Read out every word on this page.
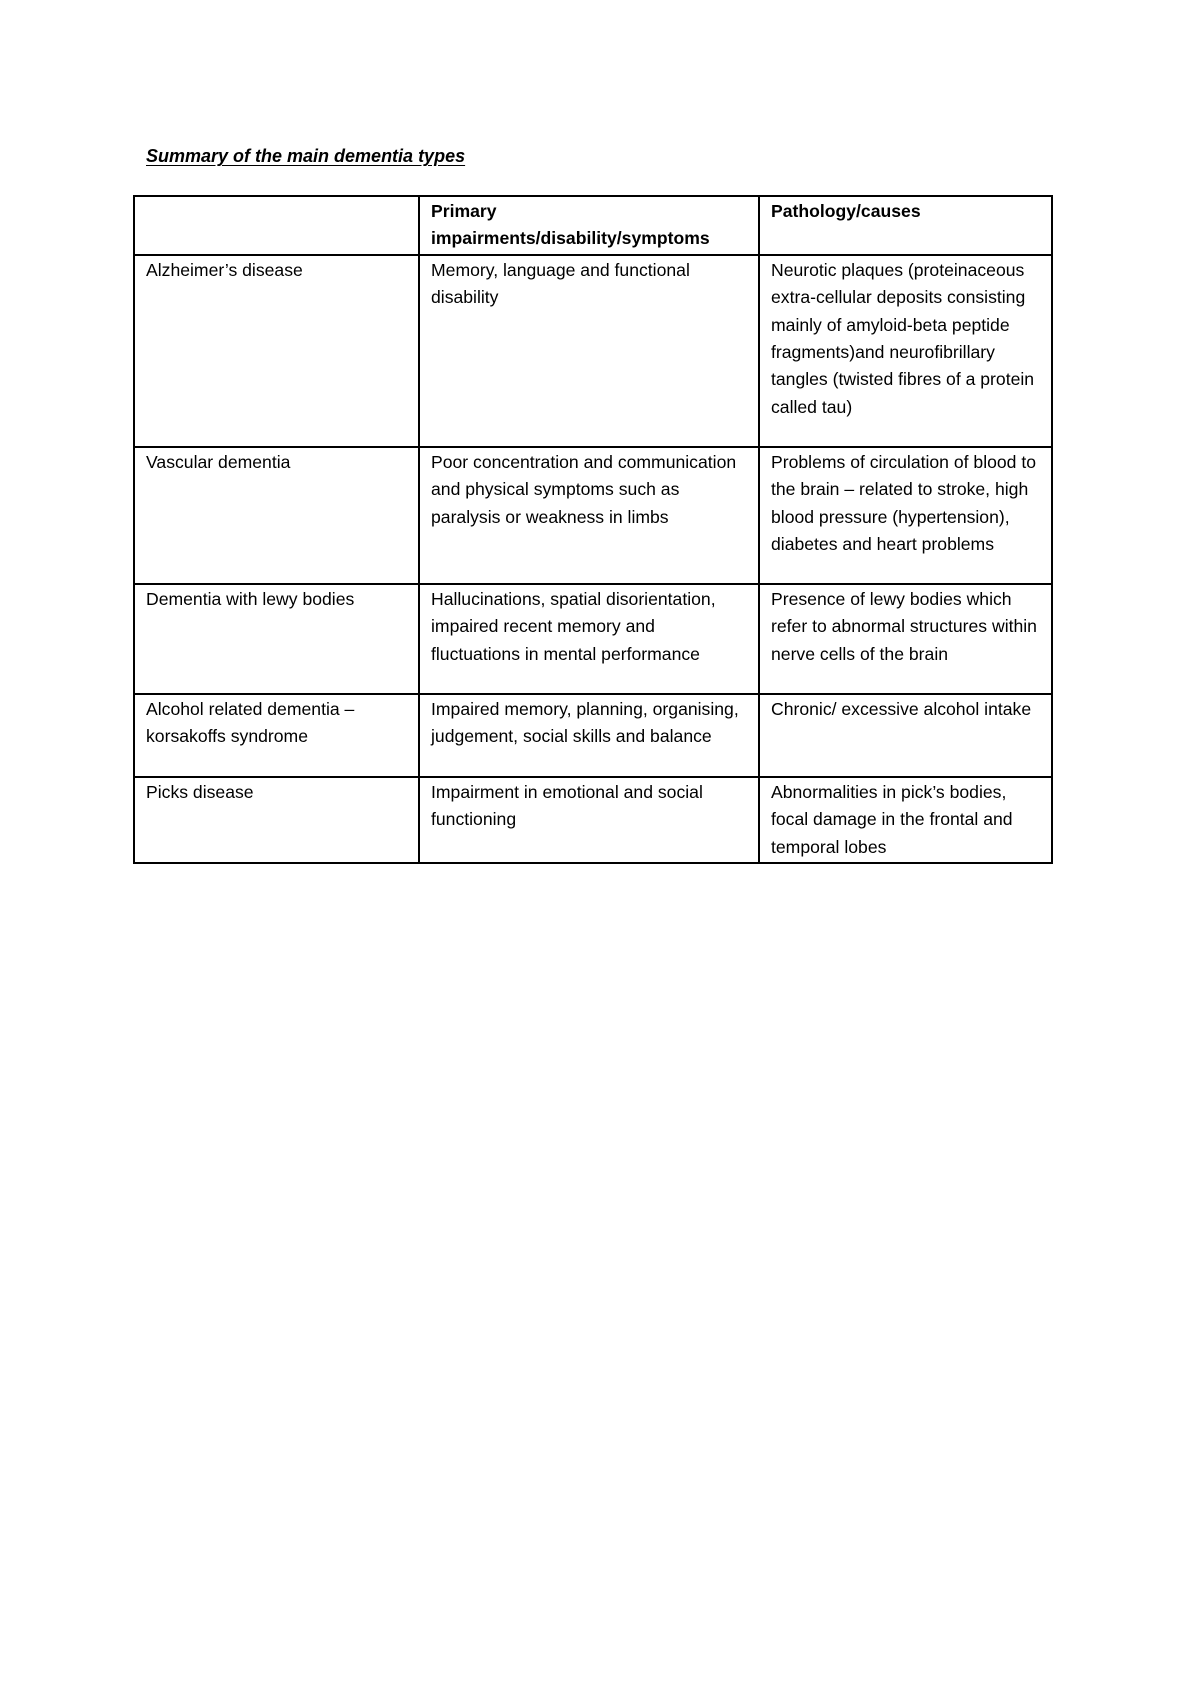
Summary of the main dementia types
	Primary impairments/disability/symptoms	Pathology/causes
Alzheimer’s disease	Memory, language and functional disability	Neurotic plaques (proteinaceous extra-cellular deposits consisting mainly of amyloid-beta peptide fragments)and neurofibrillary tangles (twisted fibres of a protein called tau)
Vascular dementia	Poor concentration and communication and physical symptoms such as paralysis or weakness in limbs	Problems of circulation of blood to the brain – related to stroke, high blood pressure (hypertension), diabetes and heart problems
Dementia with lewy bodies	Hallucinations, spatial disorientation, impaired recent memory and fluctuations in mental performance	Presence of lewy bodies which refer to abnormal structures within nerve cells of the brain
Alcohol related dementia – korsakoffs syndrome	Impaired memory, planning, organising, judgement, social skills and balance	Chronic/ excessive alcohol intake
Picks disease	Impairment in emotional and social functioning	Abnormalities in pick’s bodies, focal damage in the frontal and temporal lobes
